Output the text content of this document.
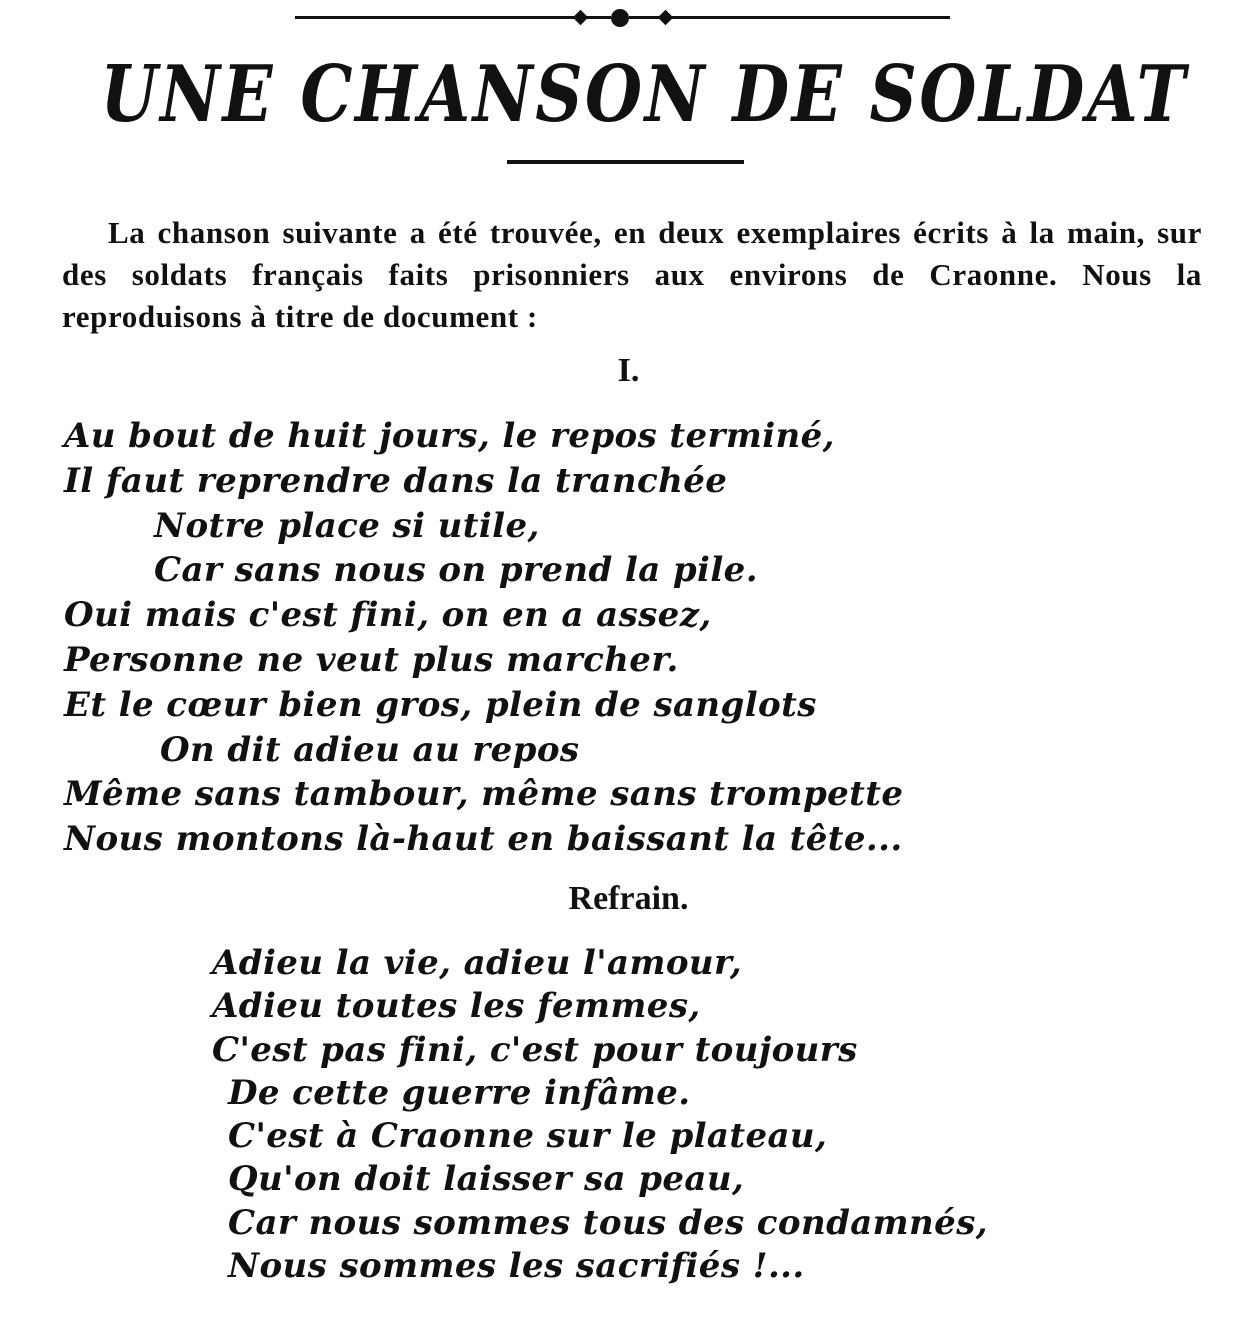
UNE CHANSON DE SOLDAT
La chanson suivante a été trouvée, en deux exemplaires écrits à la main, sur des soldats français faits prisonniers aux environs de Craonne. Nous la reproduisons à titre de document :
I.
Au bout de huit jours, le repos terminé,
Il faut reprendre dans la tranchée
Notre place si utile,
Car sans nous on prend la pile.
Oui mais c'est fini, on en a assez,
Personne ne veut plus marcher.
Et le cœur bien gros, plein de sanglots
On dit adieu au repos
Même sans tambour, même sans trompette
Nous montons là-haut en baissant la tête...
Refrain.
Adieu la vie, adieu l'amour,
Adieu toutes les femmes,
C'est pas fini, c'est pour toujours
De cette guerre infâme.
C'est à Craonne sur le plateau,
Qu'on doit laisser sa peau,
Car nous sommes tous des condamnés,
Nous sommes les sacrifiés !...
